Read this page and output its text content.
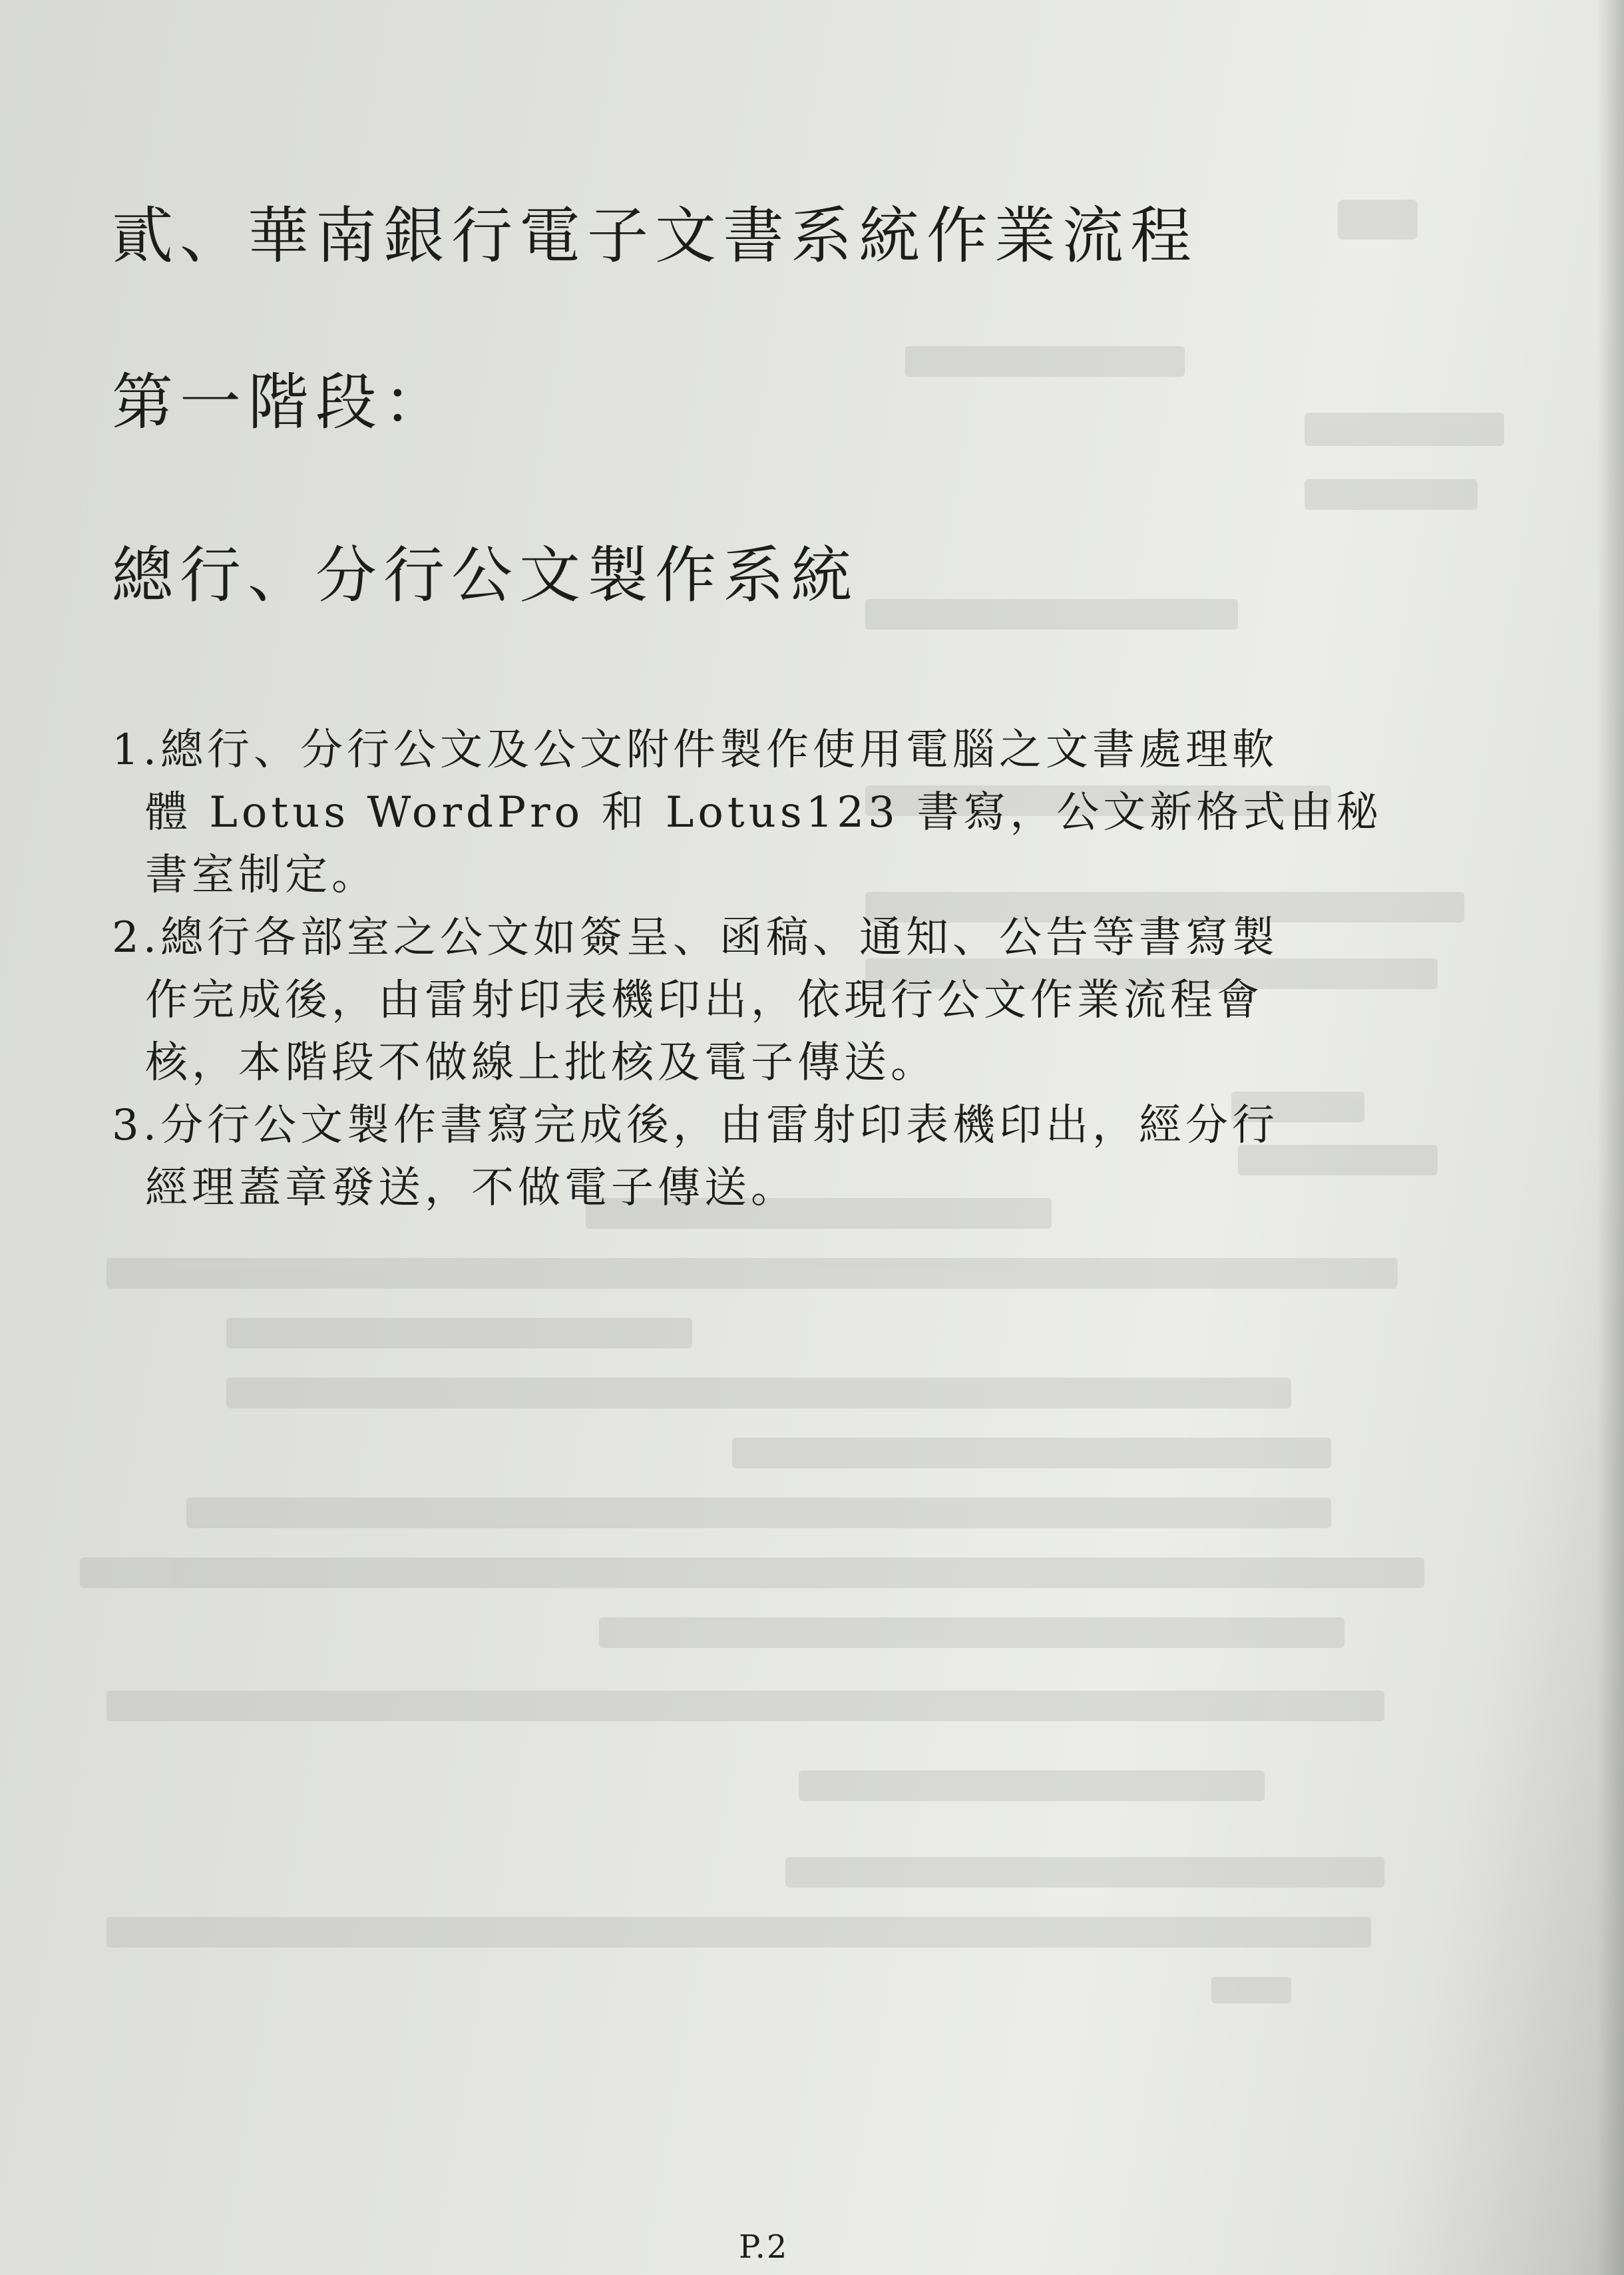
貳、華南銀行電子文書系統作業流程
第一階段：
總行、分行公文製作系統
1.總行、分行公文及公文附件製作使用電腦之文書處理軟
體 Lotus WordPro 和 Lotus123 書寫，公文新格式由秘
書室制定。
2.總行各部室之公文如簽呈、函稿、通知、公告等書寫製
作完成後，由雷射印表機印出，依現行公文作業流程會
核，本階段不做線上批核及電子傳送。
3.分行公文製作書寫完成後，由雷射印表機印出，經分行
經理蓋章發送，不做電子傳送。
P.2
